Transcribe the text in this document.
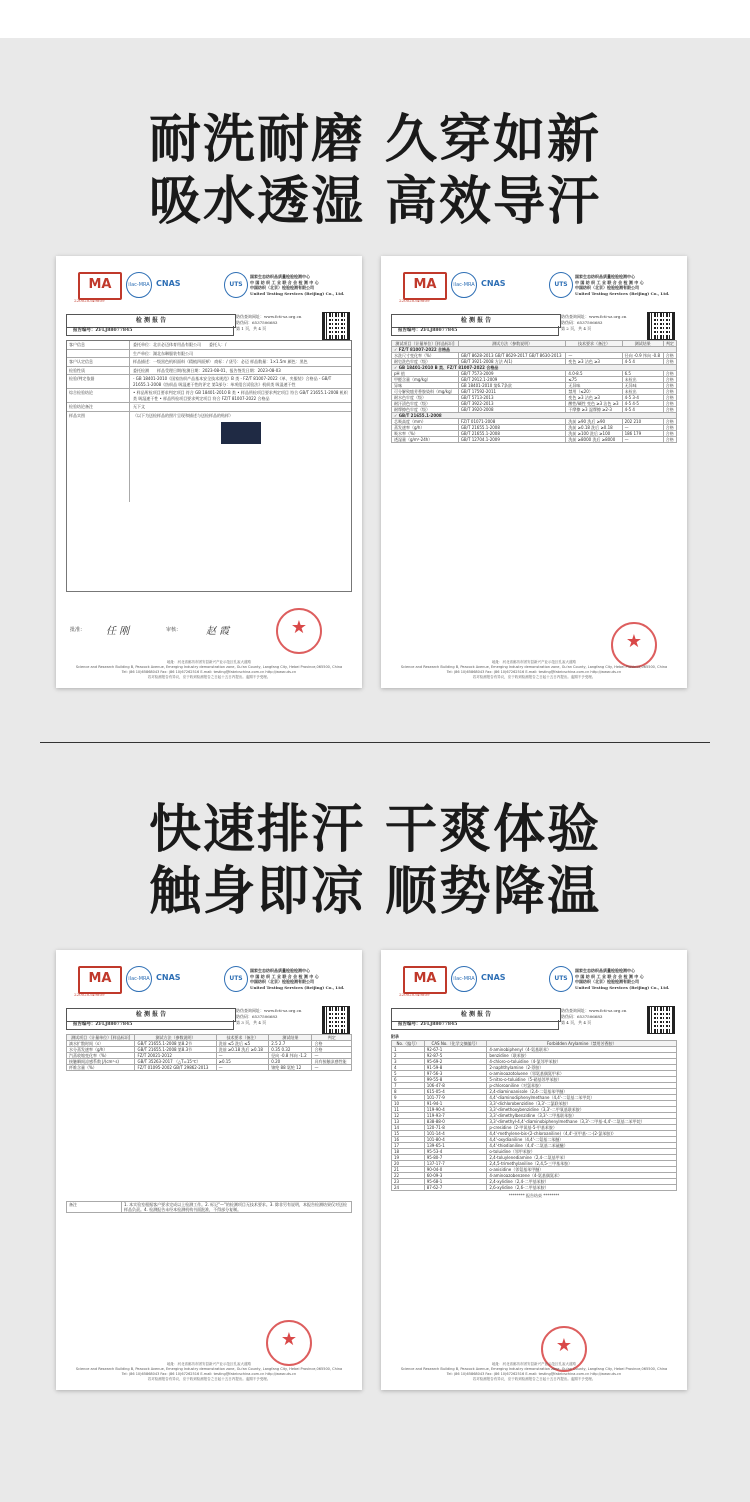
耐洗耐磨 久穿如新
吸水透湿 高效导汗
快速排汗 干爽体验
触身即凉 顺势降温
MA
220020349809
ilac-MRA CNAS	UTS
国家生态纺织品质量检验检测中心
中 国 纺 织 工 业 联 合 会 检 测 中 心
中国纺织（北京）检验检测有限公司
United Testing Services (Beijing) Co., Ltd.
检 测 报 告
报告编号：ZFLJ88077845
防伪查询网址：www.fcti-sz.org.cn
防伪码：6537506683
第 1 页，共 4 页
客户信息	委托单位：北京必迈体育用品有限公司　　委托人：/
生产单位：湖北东琳服装有限公司
客户认定信息	样品描述：一级黑色机织面料（精梳四面弹） 商标：/ 货号：必迈 样品数量：1×1.5m 颜色：黑色
检验性质	委托检测　　样品受理日期/检测日期：2023-08-01，报告签发日期：2023-08-03
检验/判定依据	- GB 18401-2010《国家纺织产品基本安全技术规范》B 类 - FZ/T 81007-2022《单、夹服装》合格品 - GB/T 21655.1-2008《纺织品 吸湿速干性的评定 第1部分：单项组合试验法》机织类 吸湿速干性
综合检验结论	• 样品所检项目要求判定项目 符合 GB 18401-2010 B 类 • 样品所检项目要求判定项目 符合 GB/T 21655.1-2008 机织类 吸湿速干性 • 样品所检项目要求判定项目 符合 FZ/T 81007-2022 合格品
检验结论备注	无下文
样品实图	（以下为送检样品的照片呈现和描述与送检样品的贴样）
批准： 任 刚	审核： 赵 霞
★
地址：河北省廊坊市固安县新兴产业示范区孔雀大道路
Science and Research Building B, Peacock Avenue, Emerging Industry demonstration zone, Gu'an County, Langfang City, Hebei Province,065500, China
Tel: (86 10)65868043 Fax: (86 10)67262516 E-mail: testing@fabricschina.com.cn http://www.uts.cn
若对检测报告有异议，应于收到检测报告之日起十五日内提出。逾期不予受理。
MA
220020349809
ilac-MRA CNAS	UTS
国家生态纺织品质量检验检测中心
中 国 纺 织 工 业 联 合 会 检 测 中 心
中国纺织（北京）检验检测有限公司
United Testing Services (Beijing) Co., Ltd.
检 测 报 告
报告编号：ZFLJ88077845
防伪查询网址：www.fcti-sz.org.cn
防伪码：6537506683
第 2 页，共 4 页
测试项目（计量单位）[样品标识]	测试方法（参数说明）	技术要求（备注）	测试结果	判定
✓ FZ/T 81007-2022 合格品				
水洗尺寸变化率（%）	GB/T 8628-2013 GB/T 8629-2017 GB/T 8630-2013	—	径向 -0.9 纬向 -0.8	合格
耐皂洗色牢度（级）	GB/T 3921-2008 方法 A(1)	变色 ≥3 沾色 ≥3	4-5 4	合格
✓ GB 18401-2010 B 类、FZ/T 81007-2022 合格品				
pH 值	GB/T 7573-2009	4.0-8.5	6.5	合格
甲醛含量（mg/kg）	GB/T 2912.1-2009	≤75	未检出	合格
异味	GB 18401-2010 第6.7条款	无异味	无异味	合格
可分解致癌芳香胺染料（mg/kg）	GB/T 17592-2011	禁用（≤20）	未检出	合格
耐水色牢度（级）	GB/T 5713-2013	变色 ≥3 沾色 ≥3	4-5 3-4	合格
耐汗渍色牢度（级）	GB/T 3922-2013	酸性/碱性 变色 ≥3 沾色 ≥3	4-5 4-5	合格
耐摩擦色牢度（级）	GB/T 3920-2008	干摩擦 ≥3 湿摩擦 ≥2-3	4-5 4	合格
✓ GB/T 21655.1-2008				
芯吸高度（mm）	FZ/T 01071-2008	洗前 ≥90 洗后 ≥90	202 210	合格
蒸发速率（g/h）	GB/T 21655.1-2008	洗前 ≥0.18 洗后 ≥0.18	—	合格
吸水率（%）	GB/T 21655.1-2008	洗前 ≥100 洗后 ≥100	186 179	合格
透湿量（g/m²·24h）	GB/T 12704.1-2009	洗前 ≥8000 洗后 ≥8000	—	合格
★
地址：河北省廊坊市固安县新兴产业示范区孔雀大道路
Science and Research Building B, Peacock Avenue, Emerging Industry demonstration zone, Gu'an County, Langfang City, Hebei Province,065500, China
Tel: (86 10)65868043 Fax: (86 10)67262516 E-mail: testing@fabricschina.com.cn http://www.uts.cn
若对检测报告有异议，应于收到检测报告之日起十五日内提出。逾期不予受理。
MA
220020349809
ilac-MRA CNAS	UTS
国家生态纺织品质量检验检测中心
中 国 纺 织 工 业 联 合 会 检 测 中 心
中国纺织（北京）检验检测有限公司
United Testing Services (Beijing) Co., Ltd.
检 测 报 告
报告编号：ZFLJ88077845
防伪查询网址：www.fcti-sz.org.cn
防伪码：6537506683
第 3 页，共 4 页
测试项目（计量单位）[样品标识]	测试方法（参数说明）	技术要求（备注）	测试结果	判定
滴水扩散时间（s）	GB/T 21655.1-2008 第8.2节	洗前 ≤5 洗后 ≤5	2.5 2.7	合格
水分蒸发速率（g/h）	GB/T 21655.1-2008 第8.3节	洗前 ≥0.18 洗后 ≥0.18	0.35 0.32	合格
汽蒸收缩变化率（%）	FZ/T 20021-2012	—	径向 -0.8 纬向 -1.2	—
接触瞬间凉感系数 J/(cm²·s)	GB/T 35263-2017 （△T=15℃）	≥0.15	0.20	具有接触凉感性能
纤维含量（%）	FZ/T 01095-2002 GB/T 29862-2013	—	锦纶 88 氨纶 12	—
备注	1. 本实验室根据客户要求完成以上检测工作。2. 标记"—"的检测项目无技术要求。3. 除非另有说明，本报告检测结果仅对送检样品负责。4. 检测报告未经本检测机构书面批准，不得部分复制。
★
地址：河北省廊坊市固安县新兴产业示范区孔雀大道路
Science and Research Building B, Peacock Avenue, Emerging Industry demonstration zone, Gu'an County, Langfang City, Hebei Province,065500, China
Tel: (86 10)65868043 Fax: (86 10)67262516 E-mail: testing@fabricschina.com.cn http://www.uts.cn
若对检测报告有异议，应于收到检测报告之日起十五日内提出。逾期不予受理。
MA
220020349809
ilac-MRA CNAS	UTS
国家生态纺织品质量检验检测中心
中 国 纺 织 工 业 联 合 会 检 测 中 心
中国纺织（北京）检验检测有限公司
United Testing Services (Beijing) Co., Ltd.
检 测 报 告
报告编号：ZFLJ88077845
防伪查询网址：www.fcti-sz.org.cn
防伪码：6537506683
第 4 页，共 4 页
附录
No.（编号）	CAS No.（化学文摘编号）	Forbidden Arylamine（禁用芳香胺）
1	92-67-1	4-aminobiphenyl（4-氨基联苯）
2	92-87-5	benzidine（联苯胺）
3	95-69-2	4-chloro-o-toluidine（4-氯邻甲苯胺）
4	91-59-8	2-naphthylamine（2-萘胺）
5	97-56-3	o-aminoazotoluene（邻氨基偶氮甲苯）
6	99-55-8	5-nitro-o-toluidine（5-硝基邻甲苯胺）
7	106-47-8	p-chloroaniline（对氯苯胺）
8	615-05-4	2,4-diaminoanisole（2,4-二氨基苯甲醚）
9	101-77-9	4,4'-diaminodiphenylmethane（4,4'-二氨基二苯甲烷）
10	91-94-1	3,3'-dichlorobenzidine（3,3'-二氯联苯胺）
11	119-90-4	3,3'-dimethoxybenzidine（3,3'-二甲氧基联苯胺）
12	119-93-7	3,3'-dimethylbenzidine（3,3'-二甲基联苯胺）
13	838-88-0	3,3'-dimethyl-4,4'-diaminobiphenylmethane（3,3'-二甲基-4,4'-二氨基二苯甲烷）
14	120-71-8	p-cresidine（2-甲氧基-5-甲基苯胺）
15	101-14-4	4,4'-methylene-bis-(2-chloroaniline)（4,4'-亚甲基-二-(2-氯苯胺)）
16	101-80-4	4,4'-oxydianiline（4,4'-二氨基二苯醚）
17	139-65-1	4,4'-thiodianiline（4,4'-二氨基二苯硫醚）
18	95-53-4	o-toluidine（邻甲苯胺）
19	95-80-7	2,4-toluylenediamine（2,4-二氨基甲苯）
20	137-17-7	2,4,5-trimethylaniline（2,4,5-三甲基苯胺）
21	90-04-0	o-anisidine（邻氨基苯甲醚）
22	60-09-3	4-aminoazobenzene（4-氨基偶氮苯）
23	95-68-1	2,4-xylidine（2,4-二甲基苯胺）
24	87-62-7	2,6-xylidine（2,6-二甲基苯胺）
******** 报告结束 ********
★
地址：河北省廊坊市固安县新兴产业示范区孔雀大道路
Science and Research Building B, Peacock Avenue, Emerging Industry demonstration zone, Gu'an County, Langfang City, Hebei Province,065500, China
Tel: (86 10)65868043 Fax: (86 10)67262516 E-mail: testing@fabricschina.com.cn http://www.uts.cn
若对检测报告有异议，应于收到检测报告之日起十五日内提出。逾期不予受理。
